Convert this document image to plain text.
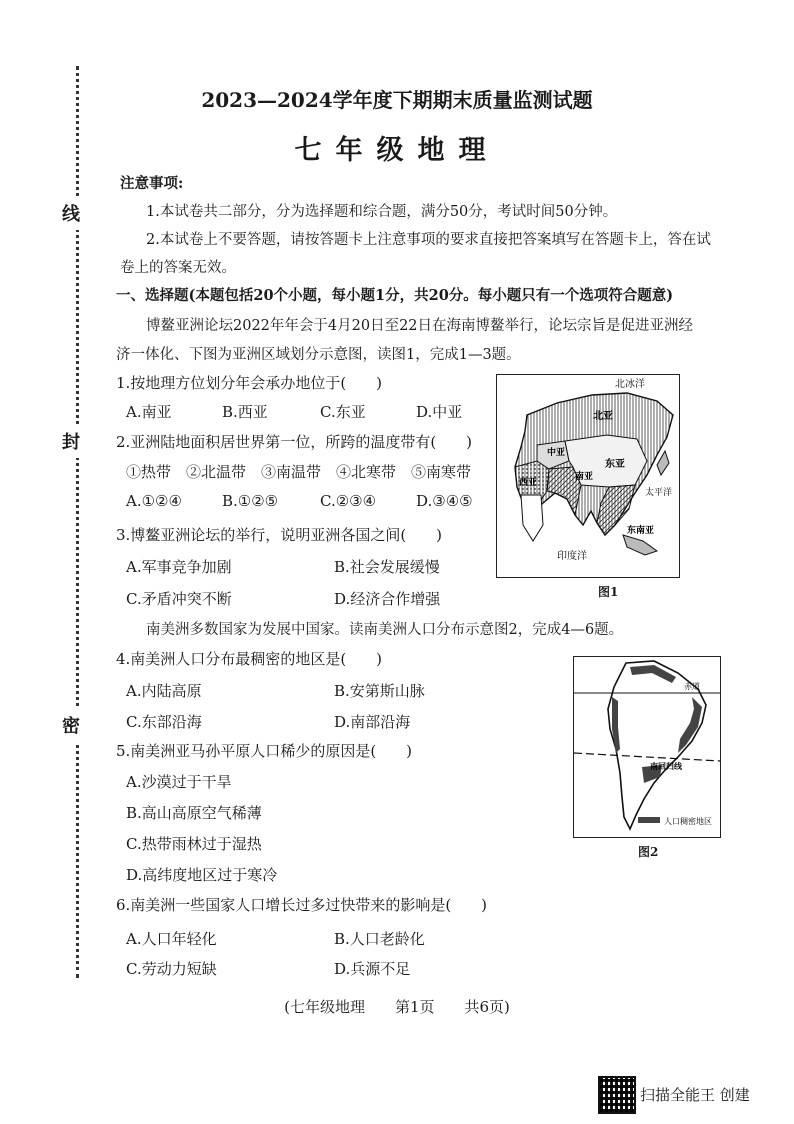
2023—2024学年度下期期末质量监测试题
七年级地理
线
封
密
注意事项:
1.本试卷共二部分，分为选择题和综合题，满分50分，考试时间50分钟。
2.本试卷上不要答题，请按答题卡上注意事项的要求直接把答案填写在答题卡上，答在试
卷上的答案无效。
一、选择题(本题包括20个小题，每小题1分，共20分。每小题只有一个选项符合题意)
博鳌亚洲论坛2022年年会于4月20日至22日在海南博鳌举行，论坛宗旨是促进亚洲经
济一体化、下图为亚洲区域划分示意图，读图1，完成1—3题。
1.按地理方位划分年会承办地位于(　　)
A.南亚	B.西亚	C.东亚	D.中亚
2.亚洲陆地面积居世界第一位，所跨的温度带有(　　)
①热带　②北温带　③南温带　④北寒带　⑤南寒带
A.①②④	B.①②⑤	C.②③④	D.③④⑤
3.博鳌亚洲论坛的举行，说明亚洲各国之间(　　)
A.军事竞争加剧	B.社会发展缓慢
C.矛盾冲突不断	D.经济合作增强
北冰洋
北亚
中亚
东亚
西亚
南亚
东南亚
太平洋
印度洋
图1
南美洲多数国家为发展中国家。读南美洲人口分布示意图2，完成4—6题。
4.南美洲人口分布最稠密的地区是(　　)
A.内陆高原	B.安第斯山脉
C.东部沿海	D.南部沿海
5.南美洲亚马孙平原人口稀少的原因是(　　)
A.沙漠过于干旱
B.高山高原空气稀薄
C.热带雨林过于湿热
D.高纬度地区过于寒冷
赤道
南回归线
人口稠密地区
图2
6.南美洲一些国家人口增长过多过快带来的影响是(　　)
A.人口年轻化	B.人口老龄化
C.劳动力短缺	D.兵源不足
(七年级地理　　第1页　　共6页)
扫描全能王 创建
